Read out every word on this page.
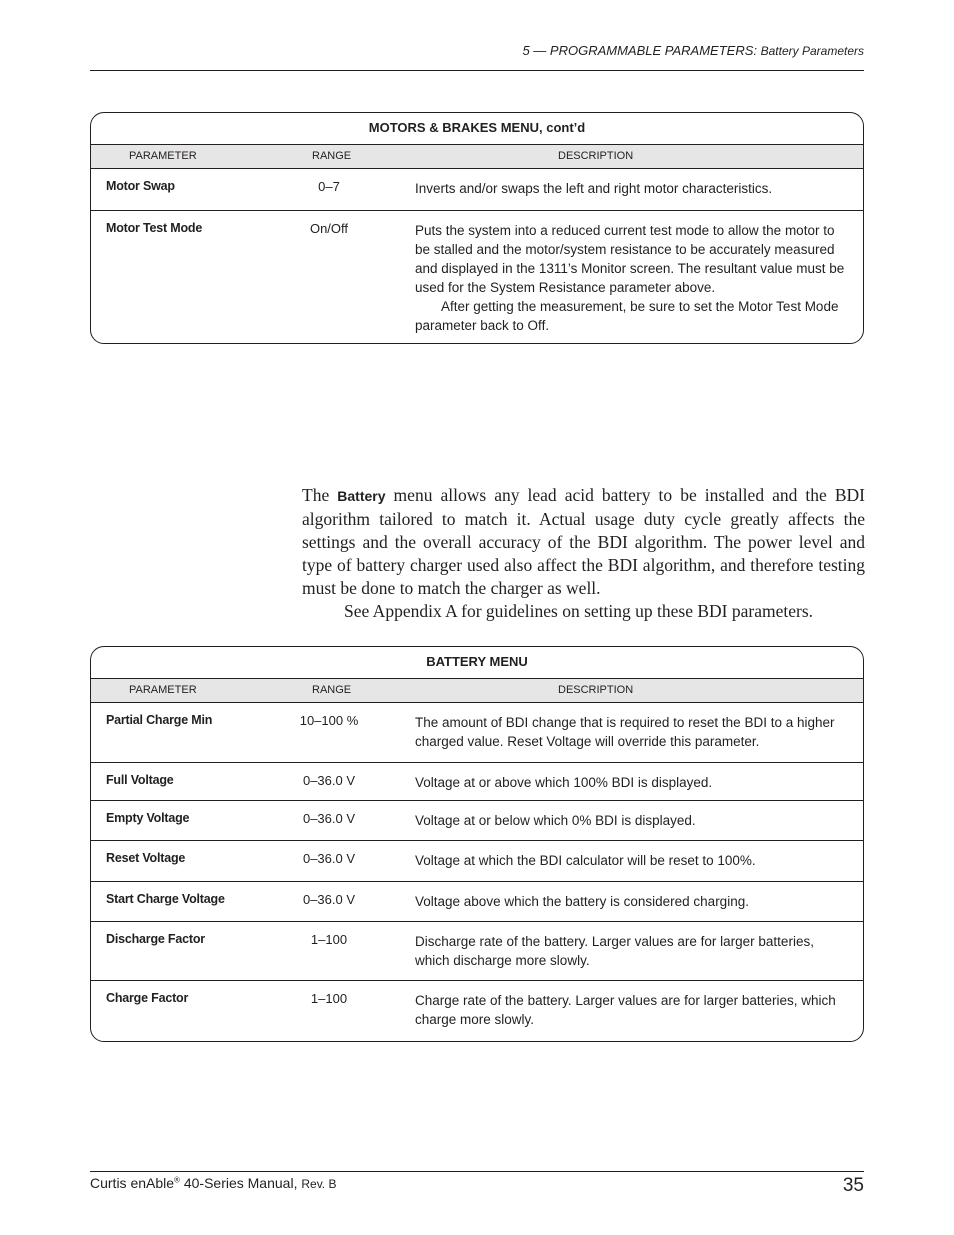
5 — PROGRAMMABLE PARAMETERS: Battery Parameters
MOTORS & BRAKES MENU, cont’d
PARAMETER	RANGE	DESCRIPTION
Motor Swap	0–7	Inverts and/or swaps the left and right motor characteristics.
Motor Test Mode	On/Off	Puts the system into a reduced current test mode to allow the motor to be stalled and the motor/system resistance to be accurately measured and displayed in the 1311’s Monitor screen. The resultant value must be used for the System Resistance parameter above.
After getting the measurement, be sure to set the Motor Test Mode parameter back to Off.

The Battery menu allows any lead acid battery to be installed and the BDI algorithm tailored to match it. Actual usage duty cycle greatly affects the settings and the overall accuracy of the BDI algorithm. The power level and type of battery charger used also affect the BDI algorithm, and therefore testing must be done to match the charger as well.

See Appendix A for guidelines on setting up these BDI parameters.

BATTERY MENU
PARAMETER	RANGE	DESCRIPTION
Partial Charge Min	10–100 %	The amount of BDI change that is required to reset the BDI to a higher charged value. Reset Voltage will override this parameter.
Full Voltage	0–36.0 V	Voltage at or above which 100% BDI is displayed.
Empty Voltage	0–36.0 V	Voltage at or below which 0% BDI is displayed.
Reset Voltage	0–36.0 V	Voltage at which the BDI calculator will be reset to 100%.
Start Charge Voltage	0–36.0 V	Voltage above which the battery is considered charging.
Discharge Factor	1–100	Discharge rate of the battery. Larger values are for larger batteries, which discharge more slowly.
Charge Factor	1–100	Charge rate of the battery. Larger values are for larger batteries, which charge more slowly.
Curtis enAble® 40-Series Manual, Rev. B	35
